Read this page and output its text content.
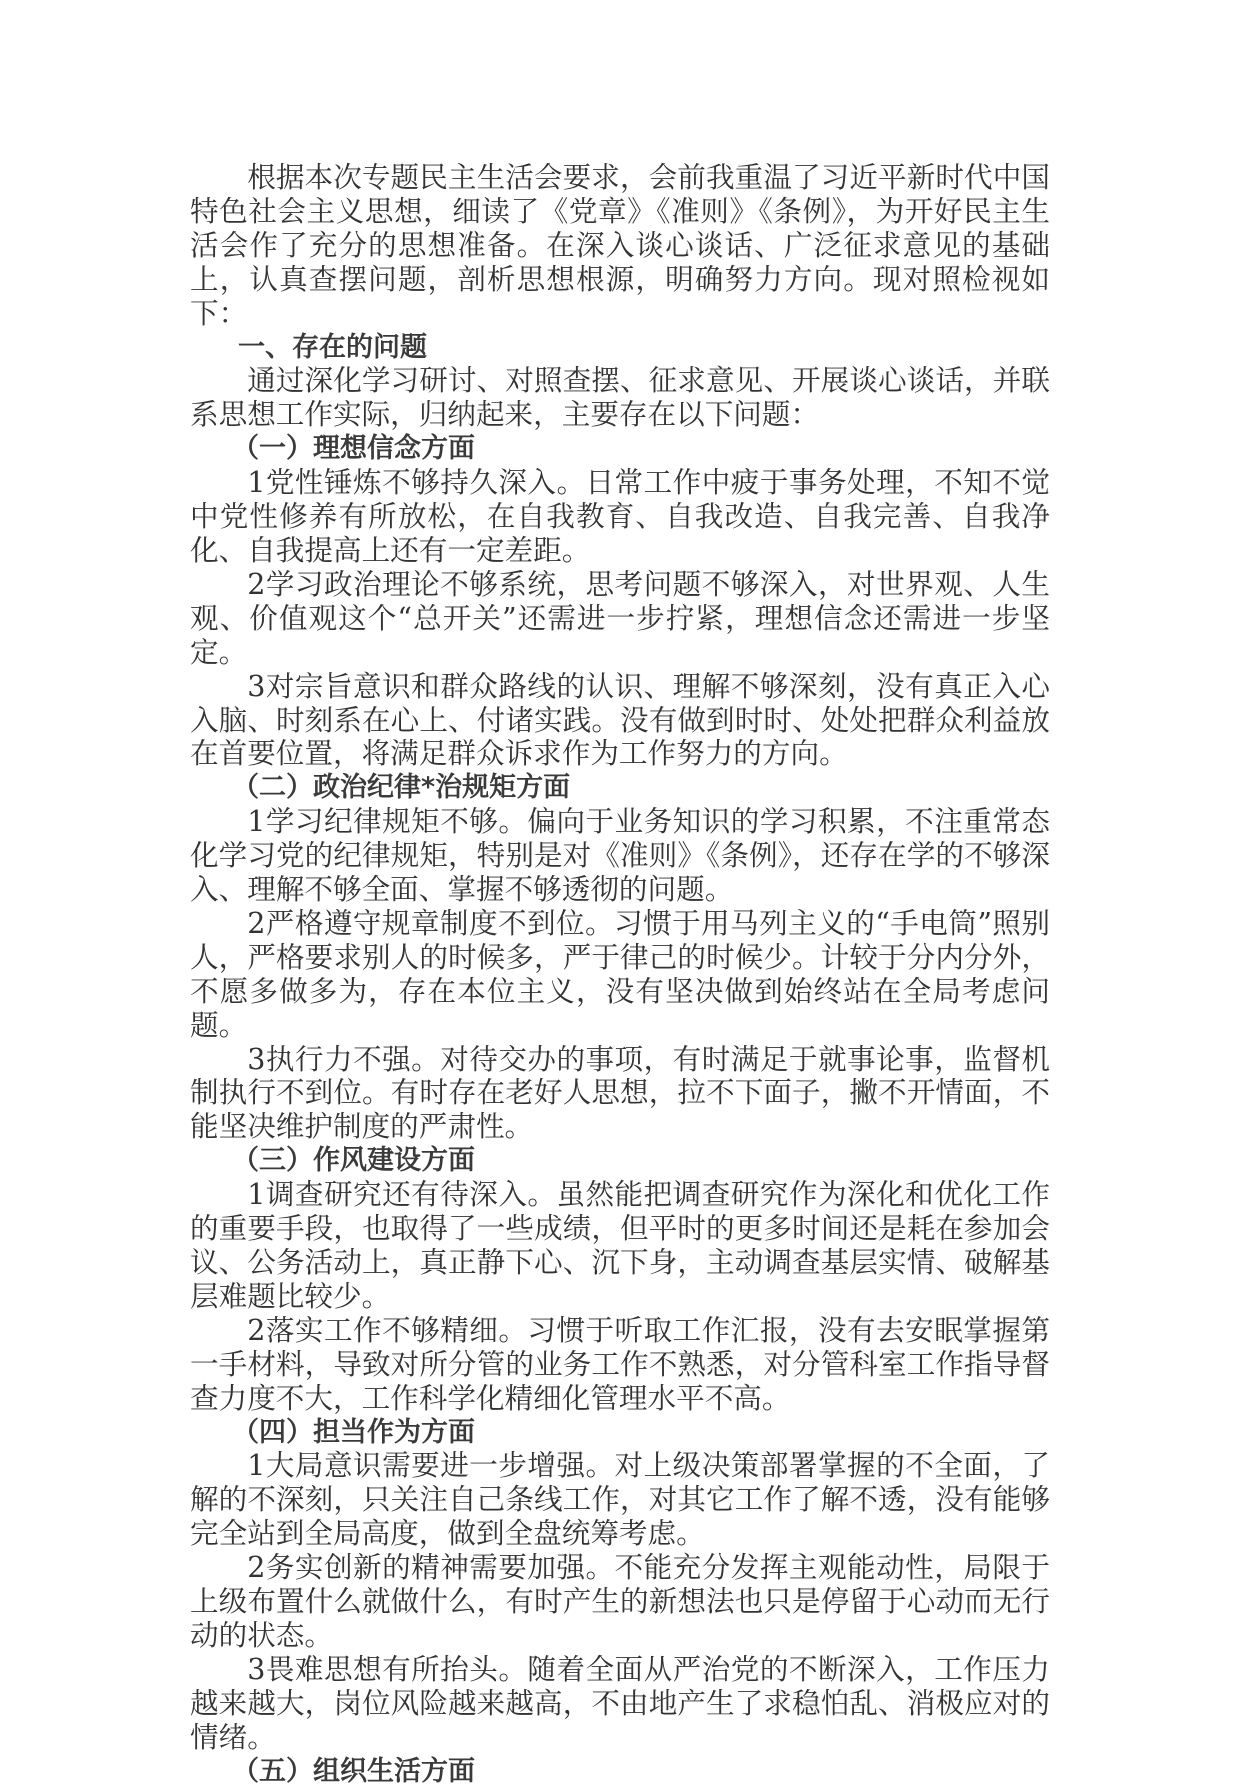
根据本次专题民主生活会要求，会前我重温了习近平新时代中国特色社会主义思想，细读了《党章》《准则》《条例》，为开好民主生活会作了充分的思想准备。在深入谈心谈话、广泛征求意见的基础上，认真查摆问题，剖析思想根源，明确努力方向。现对照检视如下：

一、存在的问题

通过深化学习研讨、对照查摆、征求意见、开展谈心谈话，并联系思想工作实际，归纳起来，主要存在以下问题：

（一）理想信念方面

1党性锤炼不够持久深入。日常工作中疲于事务处理，不知不觉中党性修养有所放松，在自我教育、自我改造、自我完善、自我净化、自我提高上还有一定差距。

2学习政治理论不够系统，思考问题不够深入，对世界观、人生观、价值观这个“总开关”还需进一步拧紧，理想信念还需进一步坚定。

3对宗旨意识和群众路线的认识、理解不够深刻，没有真正入心入脑、时刻系在心上、付诸实践。没有做到时时、处处把群众利益放在首要位置，将满足群众诉求作为工作努力的方向。

（二）政治纪律*治规矩方面

1学习纪律规矩不够。偏向于业务知识的学习积累，不注重常态化学习党的纪律规矩，特别是对《准则》《条例》，还存在学的不够深入、理解不够全面、掌握不够透彻的问题。

2严格遵守规章制度不到位。习惯于用马列主义的“手电筒”照别人，严格要求别人的时候多，严于律己的时候少。计较于分内分外，不愿多做多为，存在本位主义，没有坚决做到始终站在全局考虑问题。

3执行力不强。对待交办的事项，有时满足于就事论事，监督机制执行不到位。有时存在老好人思想，拉不下面子，撇不开情面，不能坚决维护制度的严肃性。

（三）作风建设方面

1调查研究还有待深入。虽然能把调查研究作为深化和优化工作的重要手段，也取得了一些成绩，但平时的更多时间还是耗在参加会议、公务活动上，真正静下心、沉下身，主动调查基层实情、破解基层难题比较少。

2落实工作不够精细。习惯于听取工作汇报，没有去安眠掌握第一手材料，导致对所分管的业务工作不熟悉，对分管科室工作指导督查力度不大，工作科学化精细化管理水平不高。

（四）担当作为方面

1大局意识需要进一步增强。对上级决策部署掌握的不全面，了解的不深刻，只关注自己条线工作，对其它工作了解不透，没有能够完全站到全局高度，做到全盘统筹考虑。

2务实创新的精神需要加强。不能充分发挥主观能动性，局限于上级布置什么就做什么，有时产生的新想法也只是停留于心动而无行动的状态。

3畏难思想有所抬头。随着全面从严治党的不断深入，工作压力越来越大，岗位风险越来越高，不由地产生了求稳怕乱、消极应对的情绪。

（五）组织生活方面
